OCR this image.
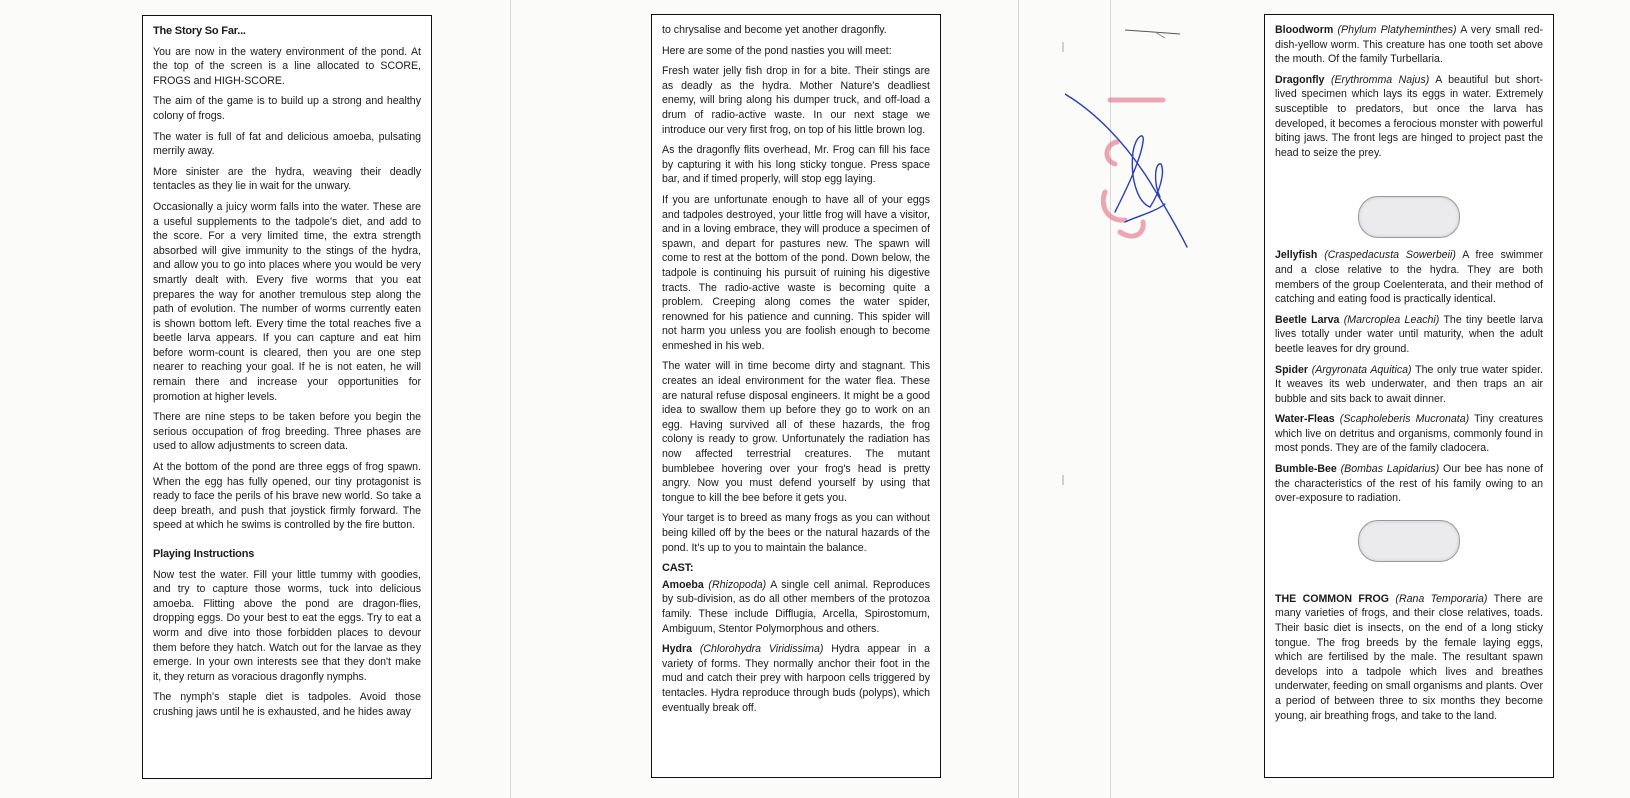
The Story So Far...

You are now in the watery environment of the pond. At the top of the screen is a line allocated to SCORE, FROGS and HIGH-SCORE.

The aim of the game is to build up a strong and healthy colony of frogs.

The water is full of fat and delicious amoeba, pulsating merrily away.

More sinister are the hydra, weaving their deadly tentacles as they lie in wait for the unwary.

Occasionally a juicy worm falls into the water. These are a useful supplements to the tadpole's diet, and add to the score. For a very limited time, the extra strength absorbed will give immunity to the stings of the hydra, and allow you to go into places where you would be very smartly dealt with. Every five worms that you eat prepares the way for another tremulous step along the path of evolution. The number of worms currently eaten is shown bottom left. Every time the total reaches five a beetle larva appears. If you can capture and eat him before worm-count is cleared, then you are one step nearer to reaching your goal. If he is not eaten, he will remain there and increase your opportunities for promotion at higher levels.

There are nine steps to be taken before you begin the serious occupation of frog breeding. Three phases are used to allow adjustments to screen data.

At the bottom of the pond are three eggs of frog spawn. When the egg has fully opened, our tiny protagonist is ready to face the perils of his brave new world. So take a deep breath, and push that joystick firmly forward. The speed at which he swims is controlled by the fire button.

Playing Instructions

Now test the water. Fill your little tummy with goodies, and try to capture those worms, tuck into delicious amoeba. Flitting above the pond are dragon-flies, dropping eggs. Do your best to eat the eggs. Try to eat a worm and dive into those forbidden places to devour them before they hatch. Watch out for the larvae as they emerge. In your own interests see that they don't make it, they return as voracious dragonfly nymphs.

The nymph's staple diet is tadpoles. Avoid those crushing jaws until he is exhausted, and he hides away

to chrysalise and become yet another dragonfly.

Here are some of the pond nasties you will meet:

Fresh water jelly fish drop in for a bite. Their stings are as deadly as the hydra. Mother Nature's deadliest enemy, will bring along his dumper truck, and off-load a drum of radio-active waste. In our next stage we introduce our very first frog, on top of his little brown log.

As the dragonfly flits overhead, Mr. Frog can fill his face by capturing it with his long sticky tongue. Press space bar, and if timed properly, will stop egg laying.

If you are unfortunate enough to have all of your eggs and tadpoles destroyed, your little frog will have a visitor, and in a loving embrace, they will produce a specimen of spawn, and depart for pastures new. The spawn will come to rest at the bottom of the pond. Down below, the tadpole is continuing his pursuit of ruining his digestive tracts. The radio-active waste is becoming quite a problem. Creeping along comes the water spider, renowned for his patience and cunning. This spider will not harm you unless you are foolish enough to become enmeshed in his web.

The water will in time become dirty and stagnant. This creates an ideal environment for the water flea. These are natural refuse disposal engineers. It might be a good idea to swallow them up before they go to work on an egg. Having survived all of these hazards, the frog colony is ready to grow. Unfortunately the radiation has now affected terrestrial creatures. The mutant bumblebee hovering over your frog's head is pretty angry. Now you must defend yourself by using that tongue to kill the bee before it gets you.

Your target is to breed as many frogs as you can without being killed off by the bees or the natural hazards of the pond. It's up to you to maintain the balance.

CAST:

Amoeba (Rhizopoda) A single cell animal. Reproduces by sub-division, as do all other members of the protozoa family. These include Difflugia, Arcella, Spirostomum, Ambiguum, Stentor Polymorphous and others.

Hydra (Chlorohydra Viridissima) Hydra appear in a variety of forms. They normally anchor their foot in the mud and catch their prey with harpoon cells triggered by tentacles. Hydra reproduce through buds (polyps), which eventually break off.

Bloodworm (Phylum Platyheminthes) A very small red-dish-yellow worm. This creature has one tooth set above the mouth. Of the family Turbellaria.

Dragonfly (Erythromma Najus) A beautiful but short-lived specimen which lays its eggs in water. Extremely susceptible to predators, but once the larva has developed, it becomes a ferocious monster with powerful biting jaws. The front legs are hinged to project past the head to seize the prey.

Jellyfish (Craspedacusta Sowerbeii) A free swimmer and a close relative to the hydra. They are both members of the group Coelenterata, and their method of catching and eating food is practically identical.

Beetle Larva (Marcroplea Leachi) The tiny beetle larva lives totally under water until maturity, when the adult beetle leaves for dry ground.

Spider (Argyronata Aquitica) The only true water spider. It weaves its web underwater, and then traps an air bubble and sits back to await dinner.

Water-Fleas (Scapholeberis Mucronata) Tiny creatures which live on detritus and organisms, commonly found in most ponds. They are of the family cladocera.

Bumble-Bee (Bombas Lapidarius) Our bee has none of the characteristics of the rest of his family owing to an over-exposure to radiation.

THE COMMON FROG (Rana Temporaria) There are many varieties of frogs, and their close relatives, toads. Their basic diet is insects, on the end of a long sticky tongue. The frog breeds by the female laying eggs, which are fertilised by the male. The resultant spawn develops into a tadpole which lives and breathes underwater, feeding on small organisms and plants. Over a period of between three to six months they become young, air breathing frogs, and take to the land.
